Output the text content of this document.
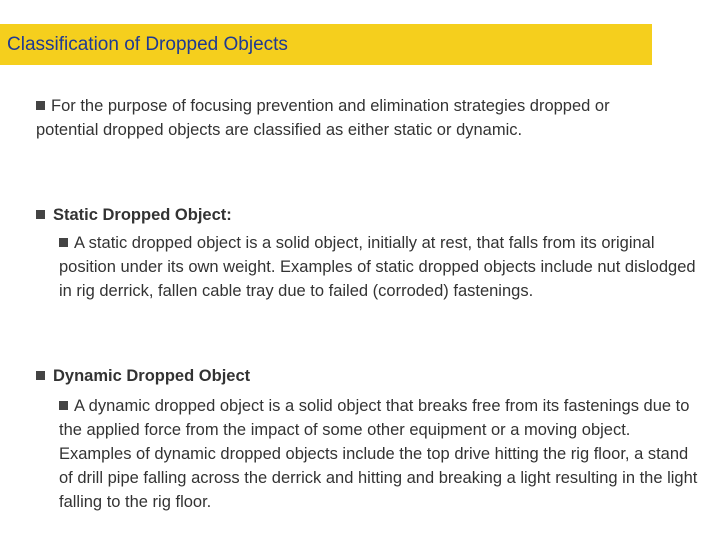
Classification of Dropped Objects
For the purpose of focusing prevention and elimination strategies dropped or potential dropped objects are classified as either static or dynamic.
Static Dropped Object:
A static dropped object is a solid object, initially at rest, that falls from its original position under its own weight. Examples of static dropped objects include nut dislodged in rig derrick, fallen cable tray due to failed (corroded) fastenings.
Dynamic Dropped Object
A dynamic dropped object is a solid object that breaks free from its fastenings due to the applied force from the impact of some other equipment or a moving object. Examples of dynamic dropped objects include the top drive hitting the rig floor, a stand of drill pipe falling across the derrick and hitting and breaking a light resulting in the light falling to the rig floor.
